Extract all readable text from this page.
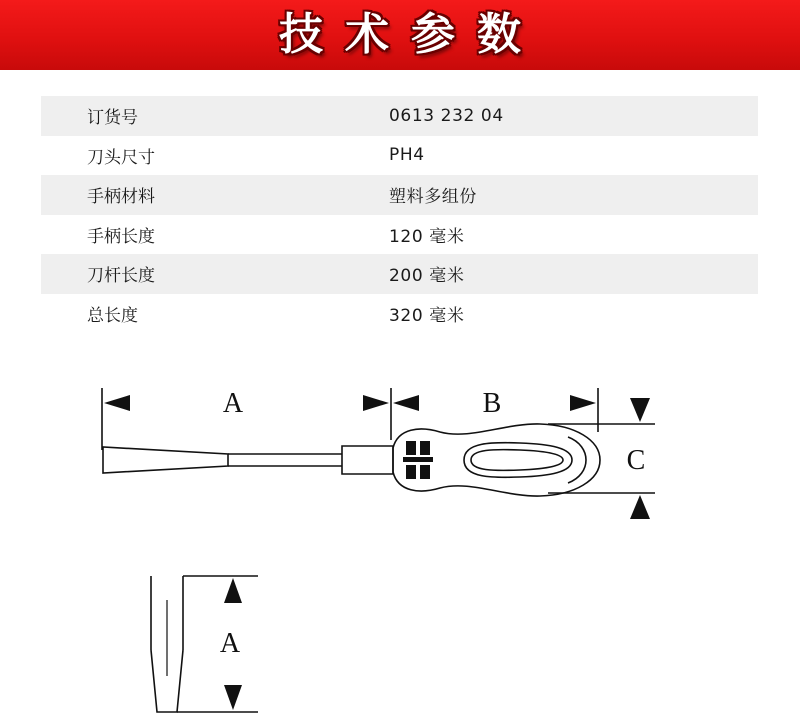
技术参数
订货号	0613 232 04
刀头尺寸	PH4
手柄材料	塑料多组份
手柄长度	120 毫米
刀杆长度	200 毫米
总长度	320 毫米
A	B
C
A
